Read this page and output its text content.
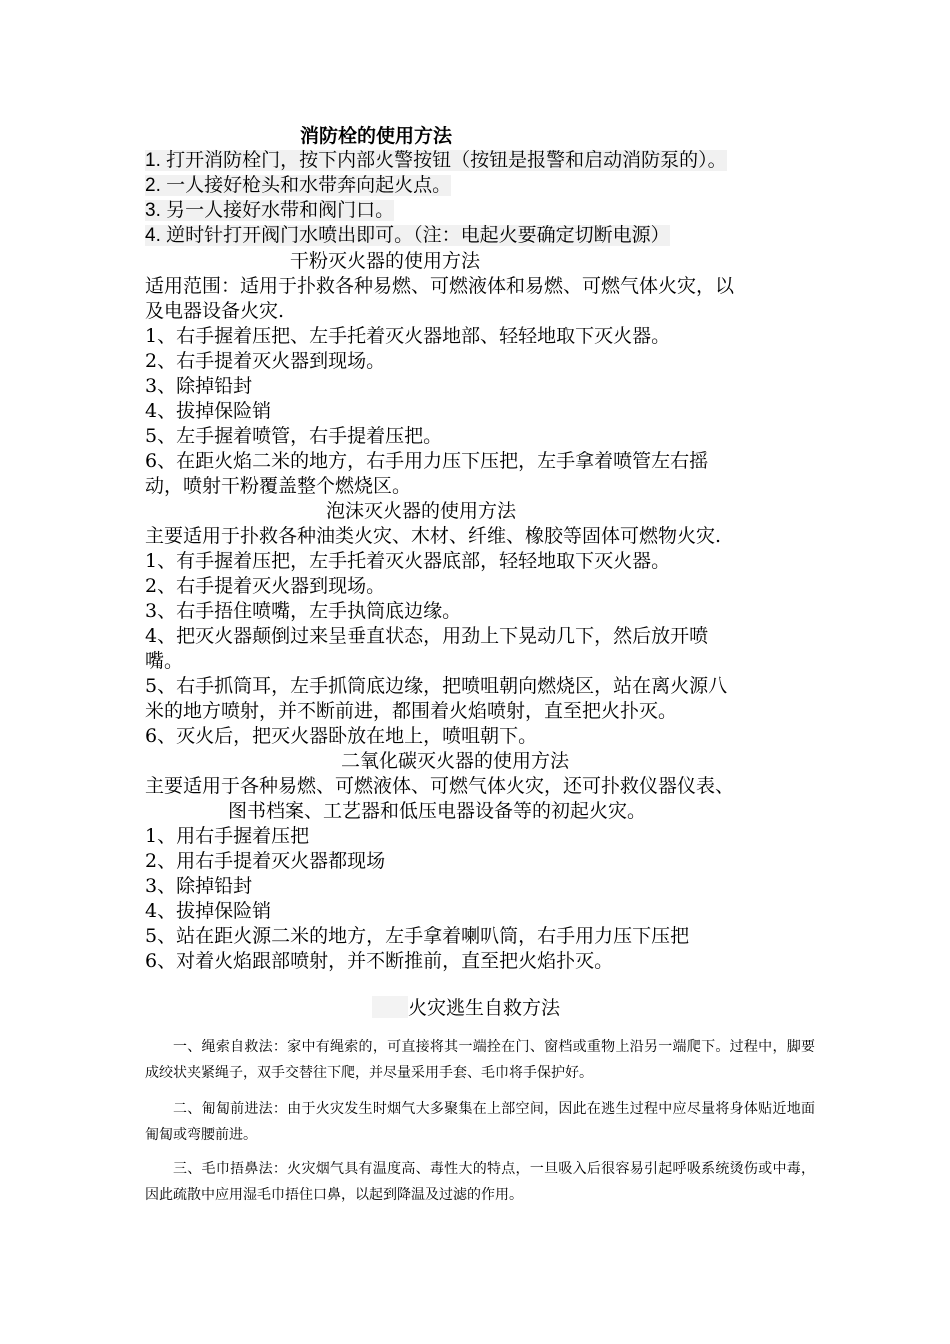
消防栓的使用方法
1. 打开消防栓门，按下内部火警按钮（按钮是报警和启动消防泵的）。
2. 一人接好枪头和水带奔向起火点。
3. 另一人接好水带和阀门口。
4. 逆时针打开阀门水喷出即可。（注：电起火要确定切断电源）
干粉灭火器的使用方法
适用范围：适用于扑救各种易燃、可燃液体和易燃、可燃气体火灾，以
及电器设备火灾.
1、右手握着压把、左手托着灭火器地部、轻轻地取下灭火器。
2、右手提着灭火器到现场。
3、除掉铅封
4、拔掉保险销
5、左手握着喷管，右手提着压把。
6、在距火焰二米的地方，右手用力压下压把，左手拿着喷管左右摇
动，喷射干粉覆盖整个燃烧区。
泡沫灭火器的使用方法
主要适用于扑救各种油类火灾、木材、纤维、橡胶等固体可燃物火灾.
1、有手握着压把，左手托着灭火器底部，轻轻地取下灭火器。
2、右手提着灭火器到现场。
3、右手捂住喷嘴，左手执筒底边缘。
4、把灭火器颠倒过来呈垂直状态，用劲上下晃动几下，然后放开喷
嘴。
5、右手抓筒耳，左手抓筒底边缘，把喷咀朝向燃烧区，站在离火源八
米的地方喷射，并不断前进，都围着火焰喷射，直至把火扑灭。
6、灭火后，把灭火器卧放在地上，喷咀朝下。
二氧化碳灭火器的使用方法
主要适用于各种易燃、可燃液体、可燃气体火灾，还可扑救仪器仪表、
图书档案、工艺器和低压电器设备等的初起火灾。
1、用右手握着压把
2、用右手提着灭火器都现场
3、除掉铅封
4、拔掉保险销
5、站在距火源二米的地方，左手拿着喇叭筒，右手用力压下压把
6、对着火焰跟部喷射，并不断推前，直至把火焰扑灭。
火灾逃生自救方法

一、绳索自救法：家中有绳索的，可直接将其一端拴在门、窗档或重物上沿另一端爬下。过程中，脚要成绞状夹紧绳子，双手交替往下爬，并尽量采用手套、毛巾将手保护好。

二、匍匐前进法：由于火灾发生时烟气大多聚集在上部空间，因此在逃生过程中应尽量将身体贴近地面匍匐或弯腰前进。

三、毛巾捂鼻法：火灾烟气具有温度高、毒性大的特点，一旦吸入后很容易引起呼吸系统烫伤或中毒，因此疏散中应用湿毛巾捂住口鼻，以起到降温及过滤的作用。
